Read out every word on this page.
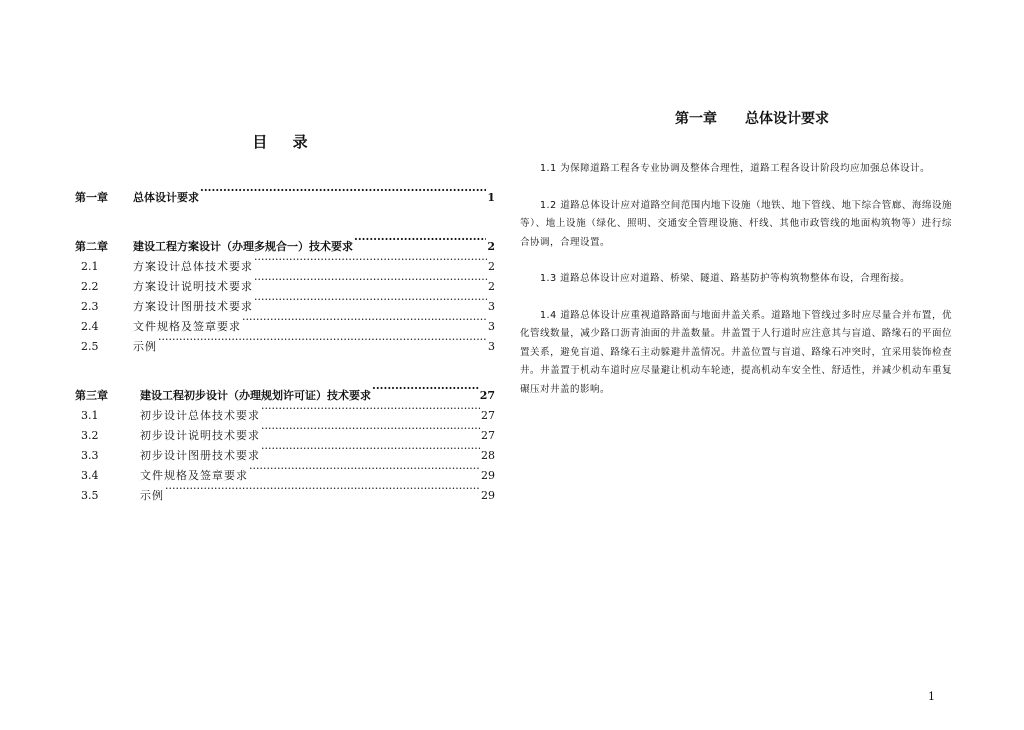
目 录
第一章	总体设计要求 ·····	1
第二章	建设工程方案设计（办理多规合一）技术要求 ·····	2
2.1	方案设计总体技术要求 ·····	2
2.2	方案设计说明技术要求 ·····	2
2.3	方案设计图册技术要求 ·····	3
2.4	文件规格及签章要求 ·····	3
2.5	示例 ·····	3
第三章	建设工程初步设计（办理规划许可证）技术要求 ·····	27
3.1	初步设计总体技术要求 ·····	27
3.2	初步设计说明技术要求 ·····	27
3.3	初步设计图册技术要求 ·····	28
3.4	文件规格及签章要求 ·····	29
3.5	示例 ·····	29
第一章 总体设计要求

1.1 为保障道路工程各专业协调及整体合理性，道路工程各设计阶段均应加强总体设计。

1.2 道路总体设计应对道路空间范围内地下设施（地铁、地下管线、地下综合管廊、海绵设施等）、地上设施（绿化、照明、交通安全管理设施、杆线、其他市政管线的地面构筑物等）进行综合协调，合理设置。

1.3 道路总体设计应对道路、桥梁、隧道、路基防护等构筑物整体布设，合理衔接。

1.4 道路总体设计应重视道路路面与地面井盖关系。道路地下管线过多时应尽量合并布置，优化管线数量，减少路口沥青油面的井盖数量。井盖置于人行道时应注意其与盲道、路缘石的平面位置关系，避免盲道、路缘石主动躲避井盖情况。井盖位置与盲道、路缘石冲突时，宜采用装饰检查井。井盖置于机动车道时应尽量避让机动车轮迹，提高机动车安全性、舒适性，并减少机动车重复碾压对井盖的影响。

1
